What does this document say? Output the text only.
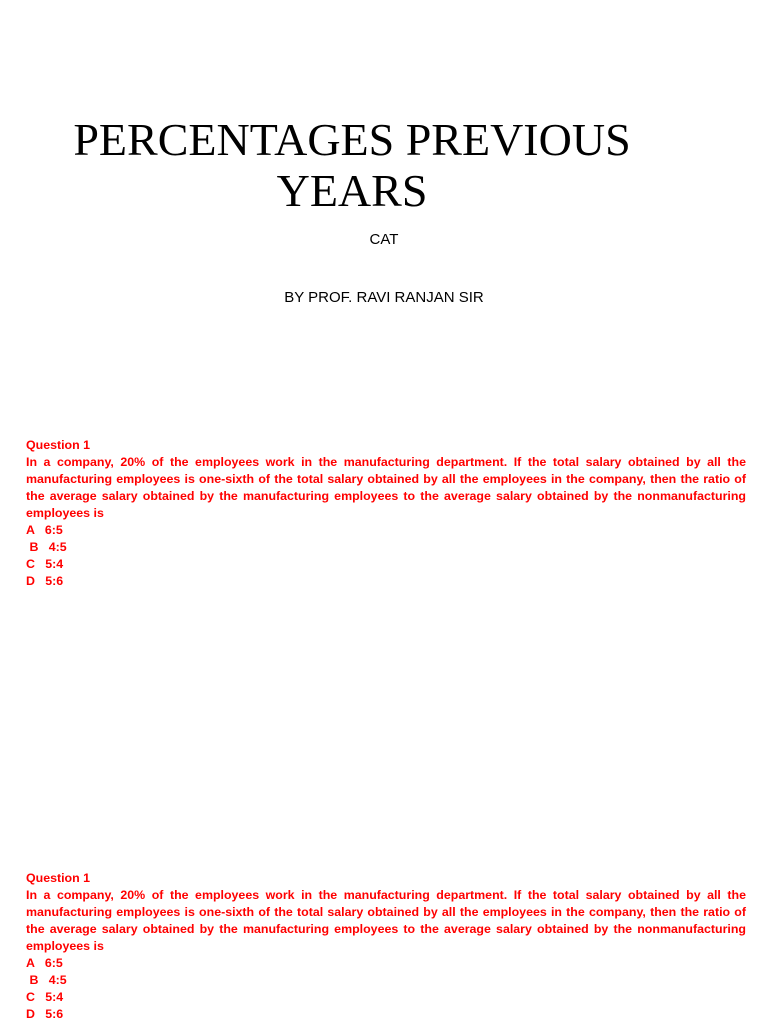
PERCENTAGES PREVIOUS
YEARS
CAT
BY PROF. RAVI RANJAN SIR
Question 1
In a company, 20% of the employees work in the manufacturing department. If the total salary obtained by all the manufacturing employees is one-sixth of the total salary obtained by all the employees in the company, then the ratio of the average salary obtained by the manufacturing employees to the average salary obtained by the nonmanufacturing employees is
A   6:5
B   4:5
C   5:4
D   5:6
Question 1
In a company, 20% of the employees work in the manufacturing department. If the total salary obtained by all the manufacturing employees is one-sixth of the total salary obtained by all the employees in the company, then the ratio of the average salary obtained by the manufacturing employees to the average salary obtained by the nonmanufacturing employees is
A   6:5
B   4:5
C   5:4
D   5:6
